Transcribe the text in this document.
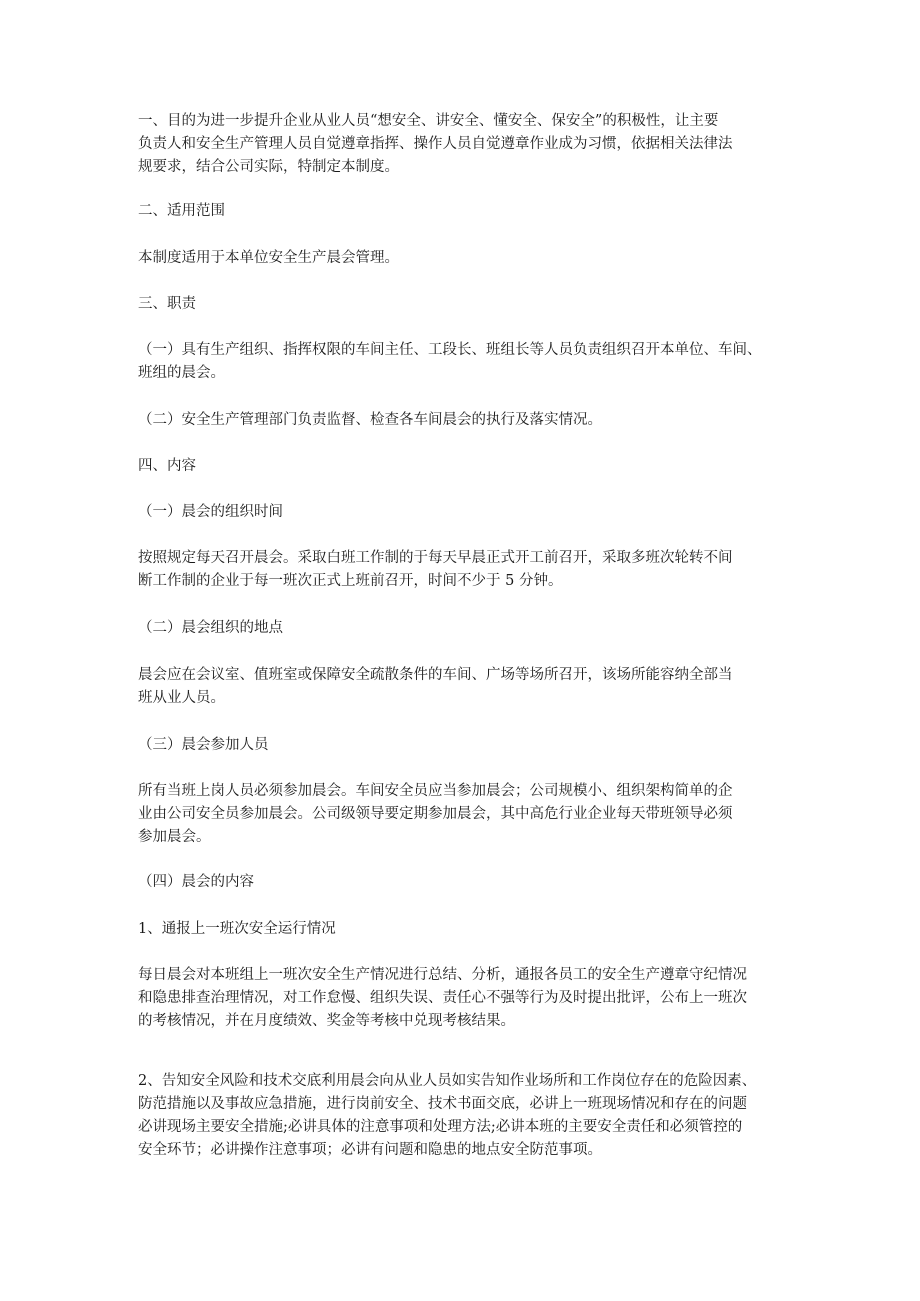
一、目的为进一步提升企业从业人员“想安全、讲安全、懂安全、保安全”的积极性，让主要
负责人和安全生产管理人员自觉遵章指挥、操作人员自觉遵章作业成为习惯，依据相关法律法
规要求，结合公司实际，特制定本制度。
二、适用范围
本制度适用于本单位安全生产晨会管理。
三、职责
（一）具有生产组织、指挥权限的车间主任、工段长、班组长等人员负责组织召开本单位、车间、
班组的晨会。
（二）安全生产管理部门负责监督、检查各车间晨会的执行及落实情况。
四、内容
（一）晨会的组织时间
按照规定每天召开晨会。采取白班工作制的于每天早晨正式开工前召开，采取多班次轮转不间
断工作制的企业于每一班次正式上班前召开，时间不少于 5 分钟。
（二）晨会组织的地点
晨会应在会议室、值班室或保障安全疏散条件的车间、广场等场所召开，该场所能容纳全部当
班从业人员。
（三）晨会参加人员
所有当班上岗人员必须参加晨会。车间安全员应当参加晨会；公司规模小、组织架构简单的企
业由公司安全员参加晨会。公司级领导要定期参加晨会，其中高危行业企业每天带班领导必须
参加晨会。
（四）晨会的内容
1、通报上一班次安全运行情况
每日晨会对本班组上一班次安全生产情况进行总结、分析，通报各员工的安全生产遵章守纪情况
和隐患排查治理情况，对工作怠慢、组织失误、责任心不强等行为及时提出批评，公布上一班次
的考核情况，并在月度绩效、奖金等考核中兑现考核结果。
2、告知安全风险和技术交底利用晨会向从业人员如实告知作业场所和工作岗位存在的危险因素、
防范措施以及事故应急措施，进行岗前安全、技术书面交底，必讲上一班现场情况和存在的问题
必讲现场主要安全措施;必讲具体的注意事项和处理方法;必讲本班的主要安全责任和必须管控的
安全环节；必讲操作注意事项；必讲有问题和隐患的地点安全防范事项。
